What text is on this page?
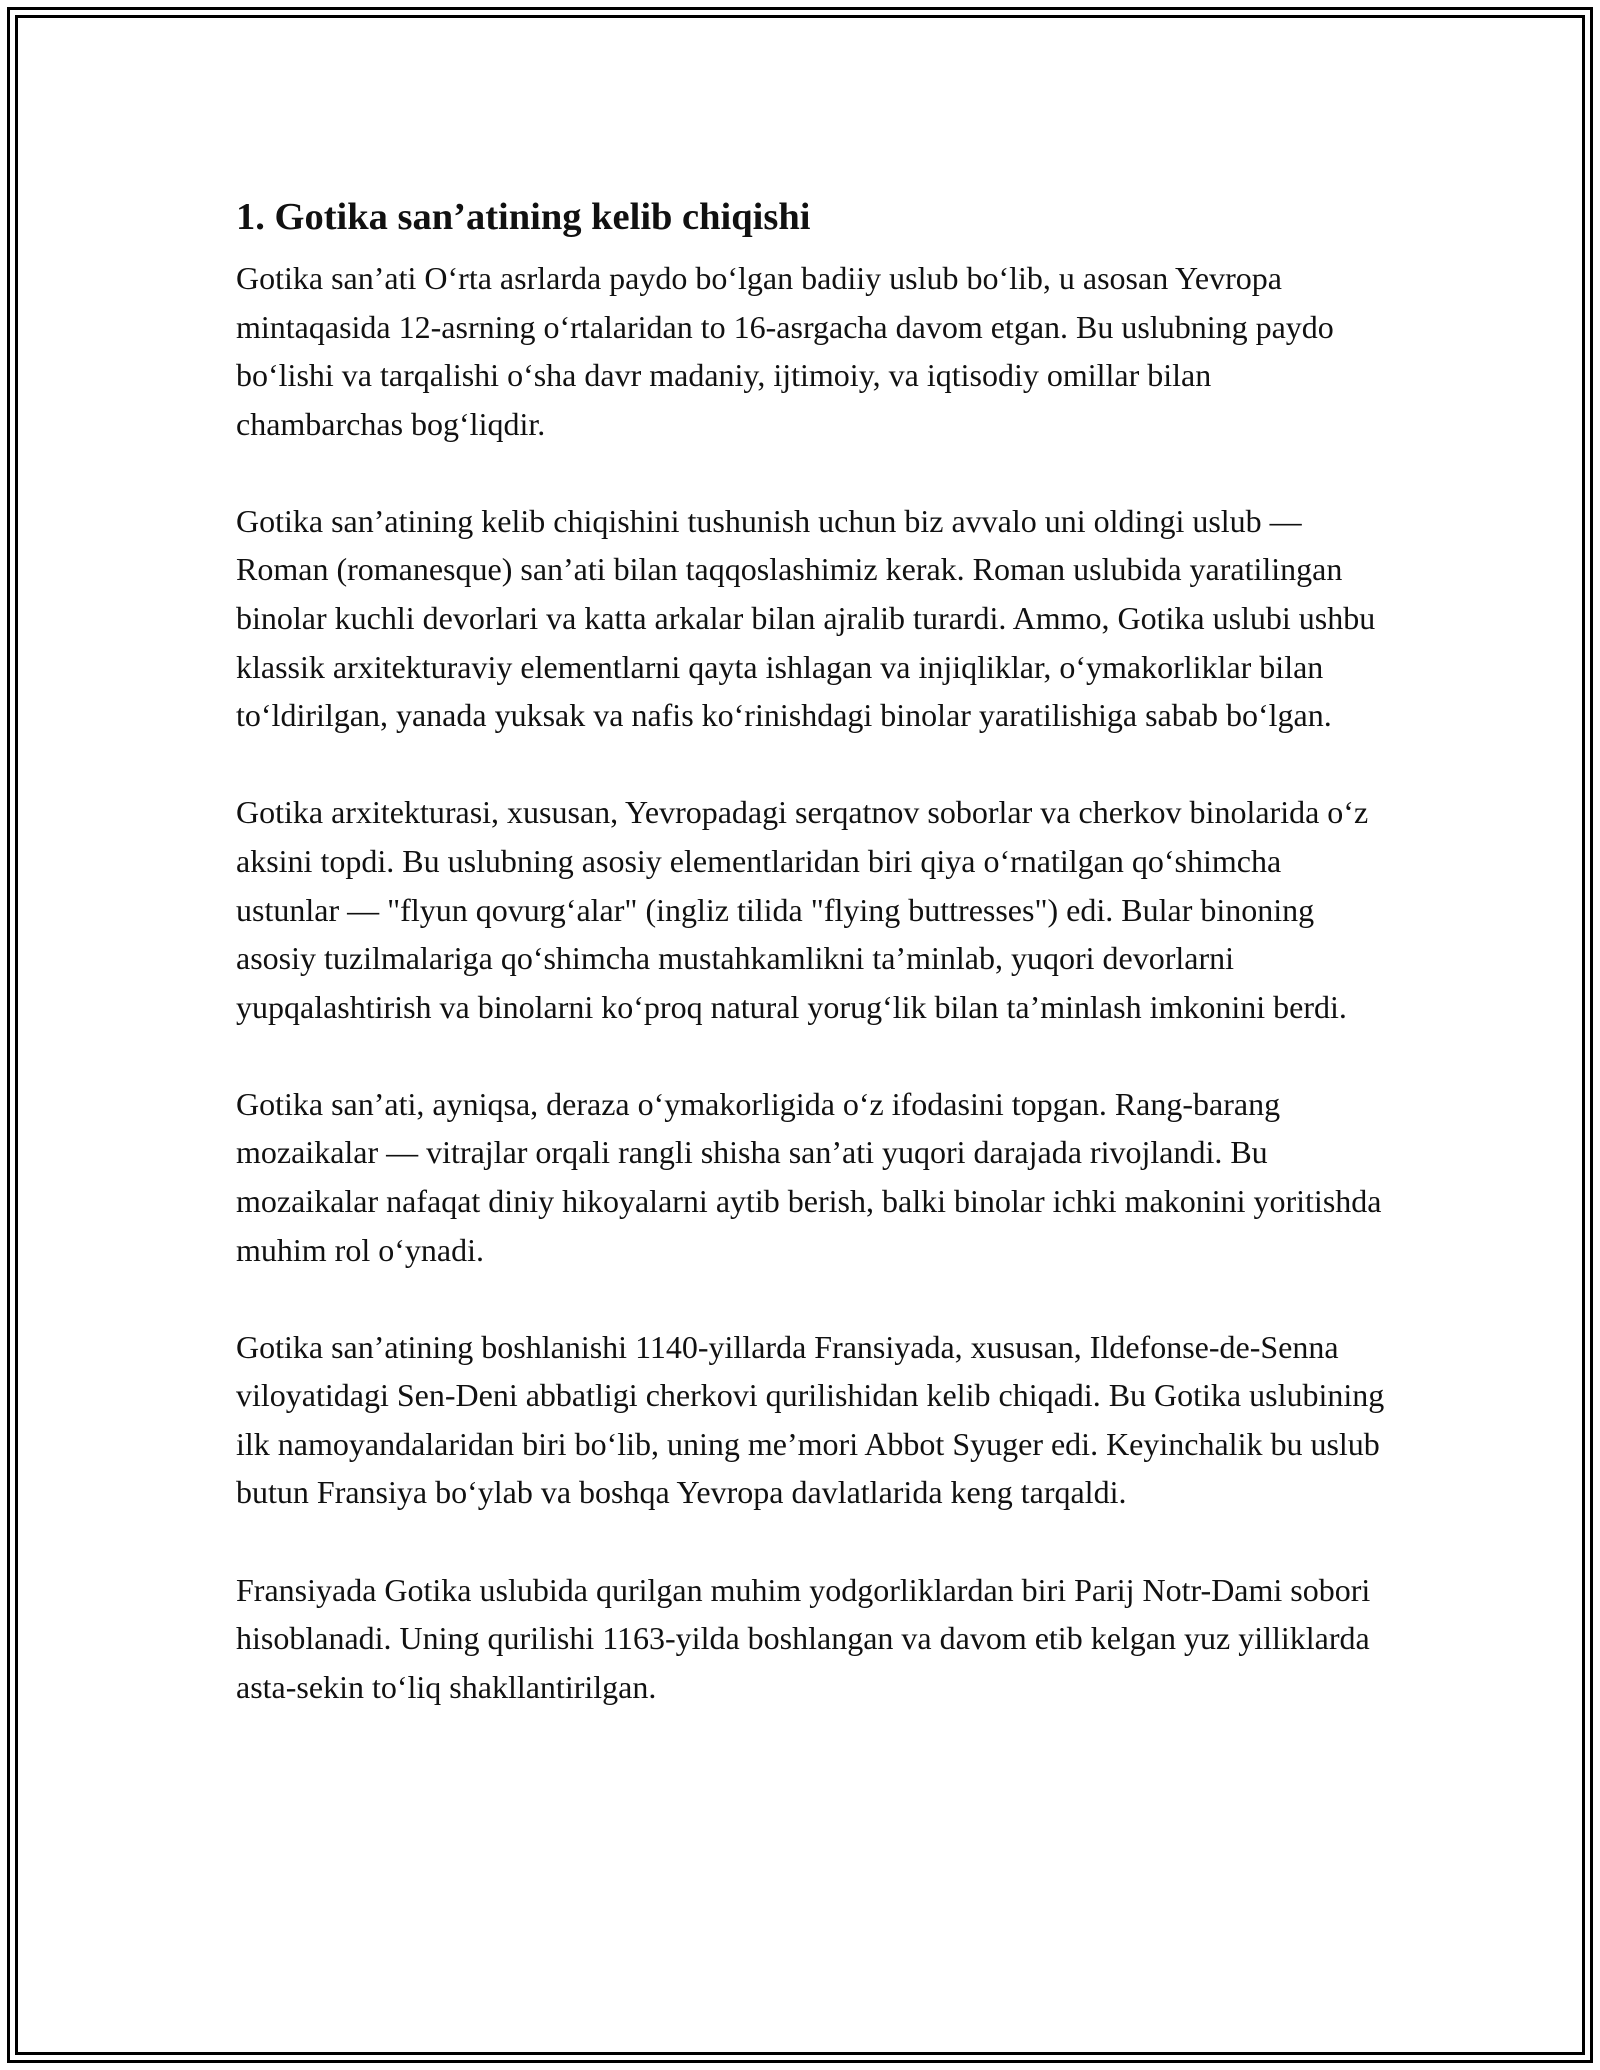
1. Gotika san’atining kelib chiqishi

Gotika san’ati O‘rta asrlarda paydo bo‘lgan badiiy uslub bo‘lib, u asosan Yevropa mintaqasida 12-asrning o‘rtalaridan to 16-asrgacha davom etgan. Bu uslubning paydo bo‘lishi va tarqalishi o‘sha davr madaniy, ijtimoiy, va iqtisodiy omillar bilan chambarchas bog‘liqdir.

Gotika san’atining kelib chiqishini tushunish uchun biz avvalo uni oldingi uslub — Roman (romanesque) san’ati bilan taqqoslashimiz kerak. Roman uslubida yaratilingan binolar kuchli devorlari va katta arkalar bilan ajralib turardi. Ammo, Gotika uslubi ushbu klassik arxitekturaviy elementlarni qayta ishlagan va injiqliklar, o‘ymakorliklar bilan to‘ldirilgan, yanada yuksak va nafis ko‘rinishdagi binolar yaratilishiga sabab bo‘lgan.

Gotika arxitekturasi, xususan, Yevropadagi serqatnov soborlar va cherkov binolarida o‘z aksini topdi. Bu uslubning asosiy elementlaridan biri qiya o‘rnatilgan qo‘shimcha ustunlar — "flyun qovurg‘alar" (ingliz tilida "flying buttresses") edi. Bular binoning asosiy tuzilmalariga qo‘shimcha mustahkamlikni ta’minlab, yuqori devorlarni yupqalashtirish va binolarni ko‘proq natural yorug‘lik bilan ta’minlash imkonini berdi.

Gotika san’ati, ayniqsa, deraza o‘ymakorligida o‘z ifodasini topgan. Rang-barang mozaikalar — vitrajlar orqali rangli shisha san’ati yuqori darajada rivojlandi. Bu mozaikalar nafaqat diniy hikoyalarni aytib berish, balki binolar ichki makonini yoritishda muhim rol o‘ynadi.

Gotika san’atining boshlanishi 1140-yillarda Fransiyada, xususan, Ildefonse-de-Senna viloyatidagi Sen-Deni abbatligi cherkovi qurilishidan kelib chiqadi. Bu Gotika uslubining ilk namoyandalaridan biri bo‘lib, uning me’mori Abbot Syuger edi. Keyinchalik bu uslub butun Fransiya bo‘ylab va boshqa Yevropa davlatlarida keng tarqaldi.

Fransiyada Gotika uslubida qurilgan muhim yodgorliklardan biri Parij Notr-Dami sobori hisoblanadi. Uning qurilishi 1163-yilda boshlangan va davom etib kelgan yuz yilliklarda asta-sekin to‘liq shakllantirilgan.
